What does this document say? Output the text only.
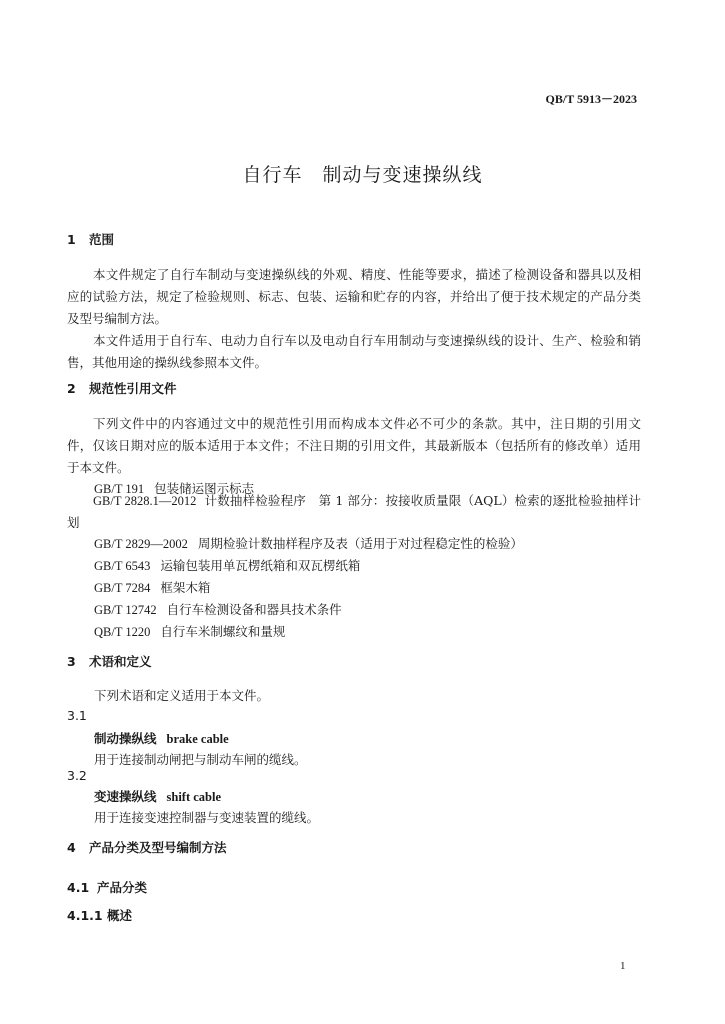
QB/T 5913－2023
自行车　制动与变速操纵线
1 范围
本文件规定了自行车制动与变速操纵线的外观、精度、性能等要求，描述了检测设备和器具以及相应的试验方法，规定了检验规则、标志、包装、运输和贮存的内容，并给出了便于技术规定的产品分类及型号编制方法。
本文件适用于自行车、电动力自行车以及电动自行车用制动与变速操纵线的设计、生产、检验和销售，其他用途的操纵线参照本文件。
2 规范性引用文件
下列文件中的内容通过文中的规范性引用而构成本文件必不可少的条款。其中，注日期的引用文件，仅该日期对应的版本适用于本文件；不注日期的引用文件，其最新版本（包括所有的修改单）适用于本文件。
GB/T 191 包装储运图示标志
GB/T 2828.1—2012 计数抽样检验程序　第 1 部分：按接收质量限（AQL）检索的逐批检验抽样计划
GB/T 2829—2002 周期检验计数抽样程序及表（适用于对过程稳定性的检验）
GB/T 6543 运输包装用单瓦楞纸箱和双瓦楞纸箱
GB/T 7284 框架木箱
GB/T 12742 自行车检测设备和器具技术条件
QB/T 1220 自行车米制螺纹和量规
3 术语和定义
下列术语和定义适用于本文件。
3.1
制动操纵线 brake cable
用于连接制动闸把与制动车闸的缆线。
3.2
变速操纵线 shift cable
用于连接变速控制器与变速装置的缆线。
4 产品分类及型号编制方法
4.1 产品分类
4.1.1 概述
1
